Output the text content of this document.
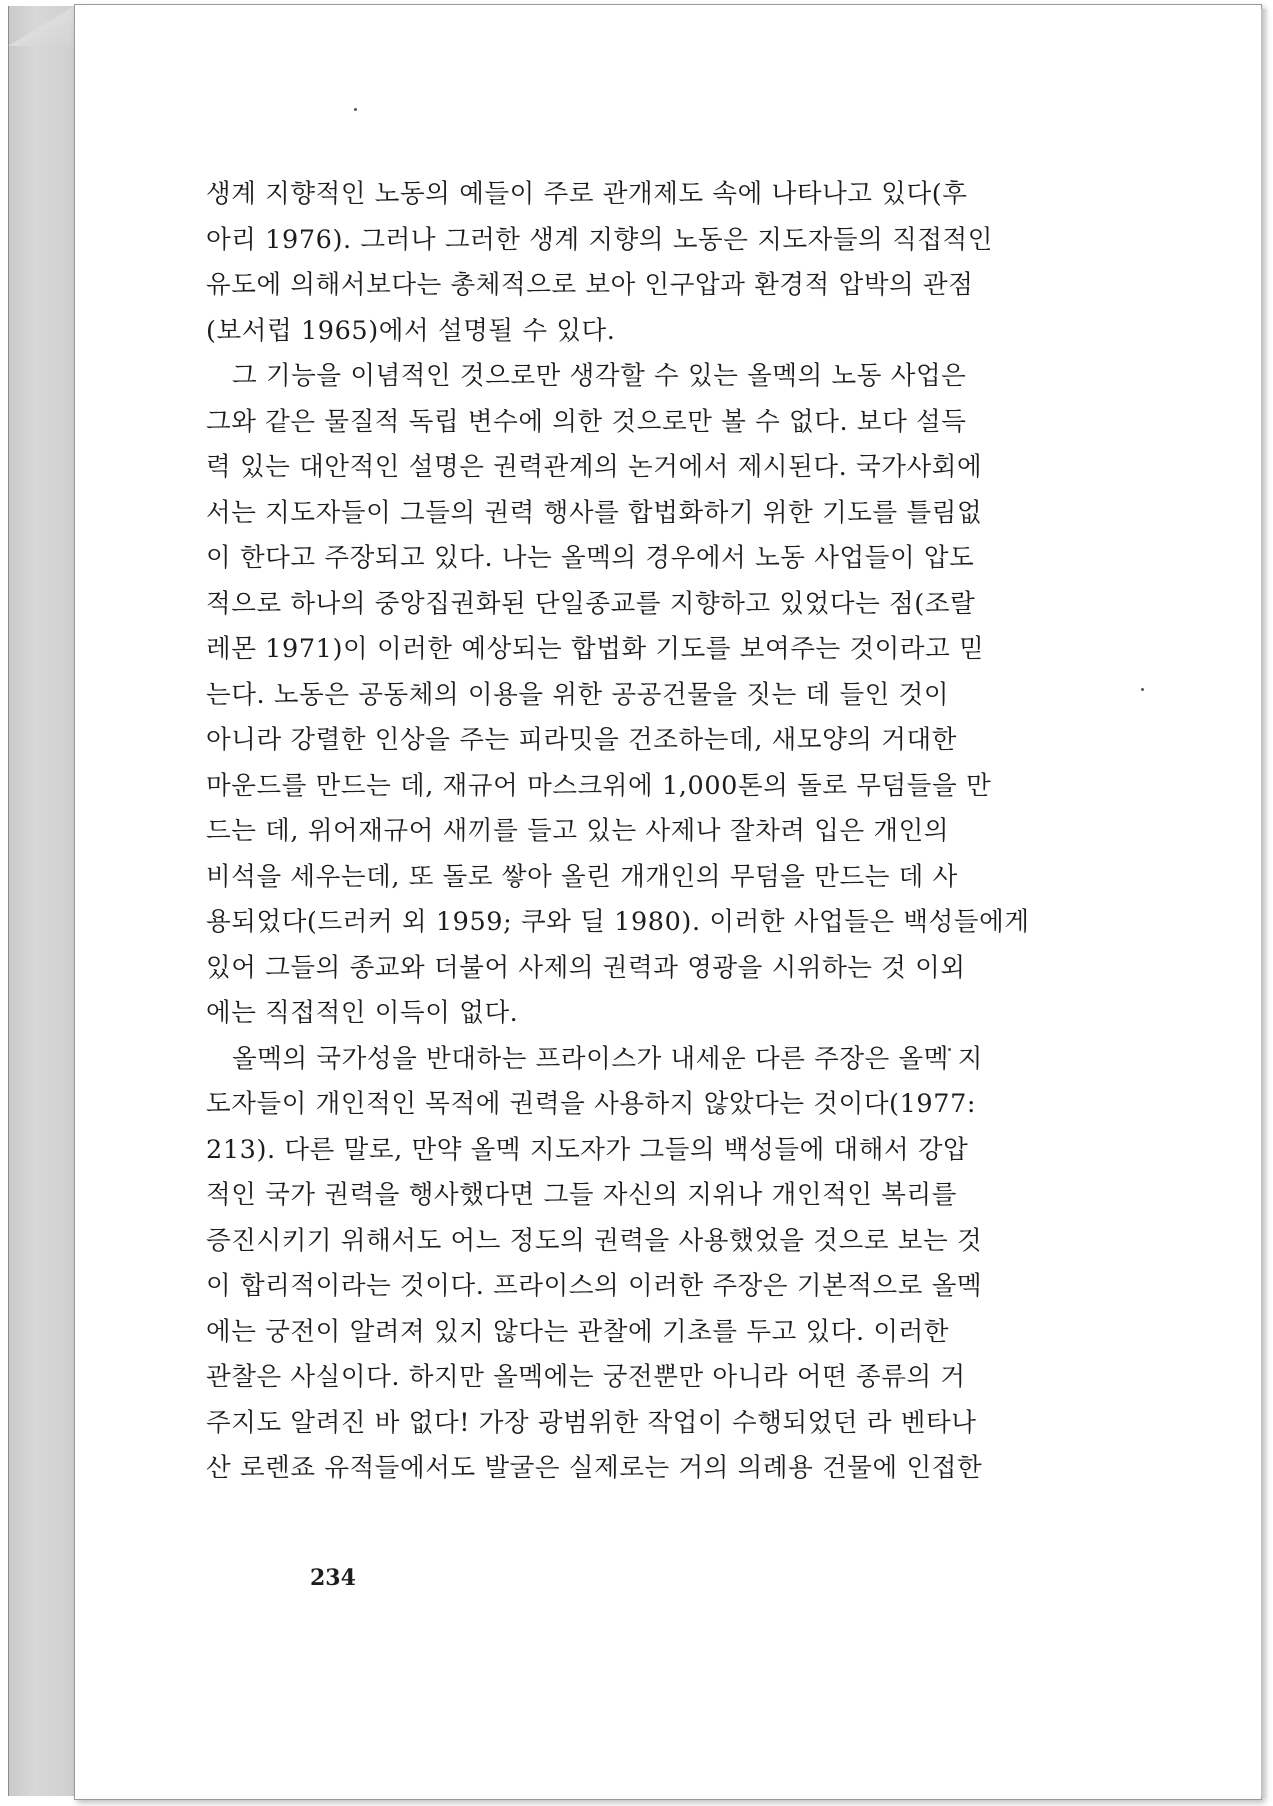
생계 지향적인 노동의 예들이 주로 관개제도 속에 나타나고 있다(후
아리 1976). 그러나 그러한 생계 지향의 노동은 지도자들의 직접적인
유도에 의해서보다는 총체적으로 보아 인구압과 환경적 압박의 관점
(보서럽 1965)에서 설명될 수 있다.
그 기능을 이념적인 것으로만 생각할 수 있는 올멕의 노동 사업은
그와 같은 물질적 독립 변수에 의한 것으로만 볼 수 없다. 보다 설득
력 있는 대안적인 설명은 권력관계의 논거에서 제시된다. 국가사회에
서는 지도자들이 그들의 권력 행사를 합법화하기 위한 기도를 틀림없
이 한다고 주장되고 있다. 나는 올멕의 경우에서 노동 사업들이 압도
적으로 하나의 중앙집권화된 단일종교를 지향하고 있었다는 점(조랄
레몬 1971)이 이러한 예상되는 합법화 기도를 보여주는 것이라고 믿
는다. 노동은 공동체의 이용을 위한 공공건물을 짓는 데 들인 것이
아니라 강렬한 인상을 주는 피라밋을 건조하는데, 새모양의 거대한
마운드를 만드는 데, 재규어 마스크위에 1,000톤의 돌로 무덤들을 만
드는 데, 위어재규어 새끼를 들고 있는 사제나 잘차려 입은 개인의
비석을 세우는데, 또 돌로 쌓아 올린 개개인의 무덤을 만드는 데 사
용되었다(드러커 외 1959; 쿠와 딜 1980). 이러한 사업들은 백성들에게
있어 그들의 종교와 더불어 사제의 권력과 영광을 시위하는 것 이외
에는 직접적인 이득이 없다.
올멕의 국가성을 반대하는 프라이스가 내세운 다른 주장은 올멕 지
도자들이 개인적인 목적에 권력을 사용하지 않았다는 것이다(1977:
213). 다른 말로, 만약 올멕 지도자가 그들의 백성들에 대해서 강압
적인 국가 권력을 행사했다면 그들 자신의 지위나 개인적인 복리를
증진시키기 위해서도 어느 정도의 권력을 사용했었을 것으로 보는 것
이 합리적이라는 것이다. 프라이스의 이러한 주장은 기본적으로 올멕
에는 궁전이 알려져 있지 않다는 관찰에 기초를 두고 있다. 이러한
관찰은 사실이다. 하지만 올멕에는 궁전뿐만 아니라 어떤 종류의 거
주지도 알려진 바 없다! 가장 광범위한 작업이 수행되었던 라 벤타나
산 로렌죠 유적들에서도 발굴은 실제로는 거의 의례용 건물에 인접한
234
